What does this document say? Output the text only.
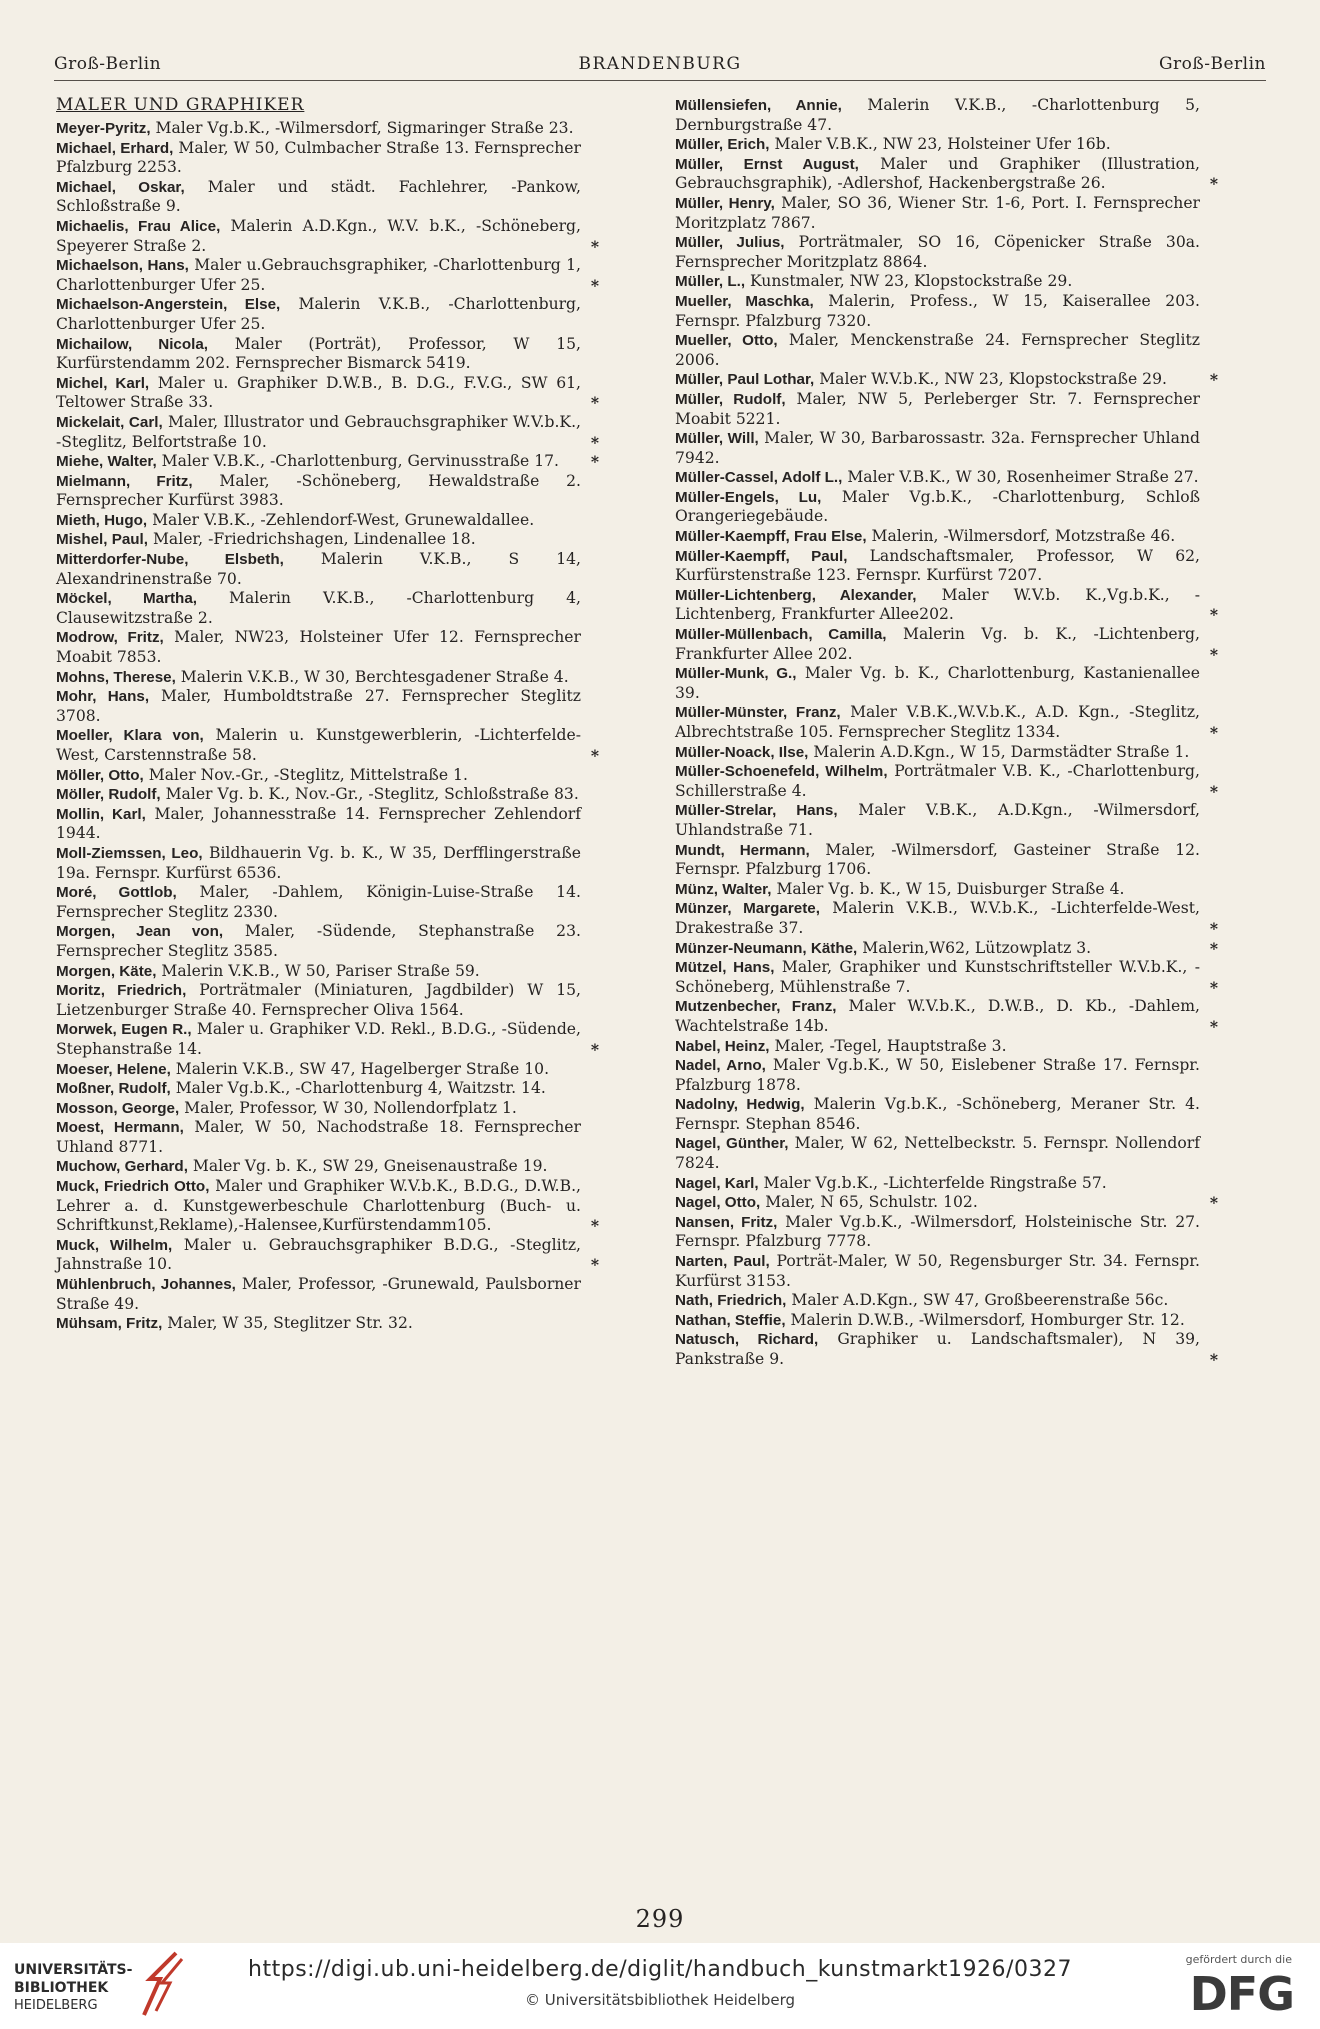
Groß-Berlin	BRANDENBURG	Groß-Berlin
MALER UND GRAPHIKER

Meyer-Pyritz, Maler Vg.b.K., -Wilmersdorf, Sigmaringer Straße 23.

Michael, Erhard, Maler, W 50, Culmbacher Straße 13. Fernsprecher Pfalzburg 2253.

Michael, Oskar, Maler und städt. Fachlehrer, -Pankow, Schloßstraße 9.

Michaelis, Frau Alice, Malerin A.D.Kgn., W.V. b.K., -Schöneberg, Speyerer Straße 2.	*

Michaelson, Hans, Maler u.Gebrauchsgraphiker, -Charlottenburg 1, Charlottenburger Ufer 25.	*

Michaelson-Angerstein, Else, Malerin V.K.B., -Charlottenburg, Charlottenburger Ufer 25.

Michailow, Nicola, Maler (Porträt), Professor, W 15, Kurfürstendamm 202. Fernsprecher Bismarck 5419.

Michel, Karl, Maler u. Graphiker D.W.B., B. D.G., F.V.G., SW 61, Teltower Straße 33.	*

Mickelait, Carl, Maler, Illustrator und Gebrauchsgraphiker W.V.b.K., -Steglitz, Belfortstraße 10.	*

Miehe, Walter, Maler V.B.K., -Charlottenburg, Gervinusstraße 17. *

Mielmann, Fritz, Maler, -Schöneberg, Hewaldstraße 2. Fernsprecher Kurfürst 3983.

Mieth, Hugo, Maler V.B.K., -Zehlendorf-West, Grunewaldallee.

Mishel, Paul, Maler, -Friedrichshagen, Lindenallee 18.

Mitterdorfer-Nube, Elsbeth, Malerin V.K.B., S 14, Alexandrinenstraße 70.

Möckel, Martha, Malerin V.K.B., -Charlottenburg 4, Clausewitzstraße 2.

Modrow, Fritz, Maler, NW23, Holsteiner Ufer 12. Fernsprecher Moabit 7853.

Mohns, Therese, Malerin V.K.B., W 30, Berchtesgadener Straße 4.

Mohr, Hans, Maler, Humboldtstraße 27. Fernsprecher Steglitz 3708.

Moeller, Klara von, Malerin u. Kunstgewerblerin, -Lichterfelde-West, Carstennstraße 58.	*

Möller, Otto, Maler Nov.-Gr., -Steglitz, Mittelstraße 1.

Möller, Rudolf, Maler Vg. b. K., Nov.-Gr., -Steglitz, Schloßstraße 83.

Mollin, Karl, Maler, Johannesstraße 14. Fernsprecher Zehlendorf 1944.

Moll-Ziemssen, Leo, Bildhauerin Vg. b. K., W 35, Derfflingerstraße 19a. Fernspr. Kurfürst 6536.

Moré, Gottlob, Maler, -Dahlem, Königin-Luise-Straße 14. Fernsprecher Steglitz 2330.

Morgen, Jean von, Maler, -Südende, Stephanstraße 23. Fernsprecher Steglitz 3585.

Morgen, Käte, Malerin V.K.B., W 50, Pariser Straße 59.

Moritz, Friedrich, Porträtmaler (Miniaturen, Jagdbilder) W 15, Lietzenburger Straße 40. Fernsprecher Oliva 1564.

Morwek, Eugen R., Maler u. Graphiker V.D. Rekl., B.D.G., -Südende, Stephanstraße 14.	*

Moeser, Helene, Malerin V.K.B., SW 47, Hagelberger Straße 10.

Moßner, Rudolf, Maler Vg.b.K., -Charlottenburg 4, Waitzstr. 14.

Mosson, George, Maler, Professor, W 30, Nollendorfplatz 1.

Moest, Hermann, Maler, W 50, Nachodstraße 18. Fernsprecher Uhland 8771.

Muchow, Gerhard, Maler Vg. b. K., SW 29, Gneisenaustraße 19.

Muck, Friedrich Otto, Maler und Graphiker W.V.b.K., B.D.G., D.W.B., Lehrer a. d. Kunstgewerbeschule Charlottenburg (Buch- u. Schriftkunst,Reklame),-Halensee,Kurfürstendamm105.	*

Muck, Wilhelm, Maler u. Gebrauchsgraphiker B.D.G., -Steglitz, Jahnstraße 10.	*

Mühlenbruch, Johannes, Maler, Professor, -Grunewald, Paulsborner Straße 49.

Mühsam, Fritz, Maler, W 35, Steglitzer Str. 32.

Müllensiefen, Annie, Malerin V.K.B., -Charlottenburg 5, Dernburgstraße 47.

Müller, Erich, Maler V.B.K., NW 23, Holsteiner Ufer 16b.

Müller, Ernst August, Maler und Graphiker (Illustration, Gebrauchsgraphik), -Adlershof, Hackenbergstraße 26.	*

Müller, Henry, Maler, SO 36, Wiener Str. 1-6, Port. I. Fernsprecher Moritzplatz 7867.

Müller, Julius, Porträtmaler, SO 16, Cöpenicker Straße 30a. Fernsprecher Moritzplatz 8864.

Müller, L., Kunstmaler, NW 23, Klopstockstraße 29.

Mueller, Maschka, Malerin, Profess., W 15, Kaiserallee 203. Fernspr. Pfalzburg 7320.

Mueller, Otto, Maler, Menckenstraße 24. Fernsprecher Steglitz 2006.

Müller, Paul Lothar, Maler W.V.b.K., NW 23, Klopstockstraße 29.	*

Müller, Rudolf, Maler, NW 5, Perleberger Str. 7. Fernsprecher Moabit 5221.

Müller, Will, Maler, W 30, Barbarossastr. 32a. Fernsprecher Uhland 7942.

Müller-Cassel, Adolf L., Maler V.B.K., W 30, Rosenheimer Straße 27.

Müller-Engels, Lu, Maler Vg.b.K., -Charlottenburg, Schloß Orangeriegebäude.

Müller-Kaempff, Frau Else, Malerin, -Wilmersdorf, Motzstraße 46.

Müller-Kaempff, Paul, Landschaftsmaler, Professor, W 62, Kurfürstenstraße 123. Fernspr. Kurfürst 7207.

Müller-Lichtenberg, Alexander, Maler W.V.b. K.,Vg.b.K., -Lichtenberg, Frankfurter Allee202.	*

Müller-Müllenbach, Camilla, Malerin Vg. b. K., -Lichtenberg, Frankfurter Allee 202.	*

Müller-Munk, G., Maler Vg. b. K., Charlottenburg, Kastanienallee 39.

Müller-Münster, Franz, Maler V.B.K.,W.V.b.K., A.D. Kgn., -Steglitz, Albrechtstraße 105. Fernsprecher Steglitz 1334.	*

Müller-Noack, Ilse, Malerin A.D.Kgn., W 15, Darmstädter Straße 1.

Müller-Schoenefeld, Wilhelm, Porträtmaler V.B. K., -Charlottenburg, Schillerstraße 4.	*

Müller-Strelar, Hans, Maler V.B.K., A.D.Kgn., -Wilmersdorf, Uhlandstraße 71.

Mundt, Hermann, Maler, -Wilmersdorf, Gasteiner Straße 12. Fernspr. Pfalzburg 1706.

Münz, Walter, Maler Vg. b. K., W 15, Duisburger Straße 4.

Münzer, Margarete, Malerin V.K.B., W.V.b.K., -Lichterfelde-West, Drakestraße 37.	*

Münzer-Neumann, Käthe, Malerin,W62, Lützowplatz 3.	*

Mützel, Hans, Maler, Graphiker und Kunstschriftsteller W.V.b.K., -Schöneberg, Mühlenstraße 7.	*

Mutzenbecher, Franz, Maler W.V.b.K., D.W.B., D. Kb., -Dahlem, Wachtelstraße 14b.	*

Nabel, Heinz, Maler, -Tegel, Hauptstraße 3.

Nadel, Arno, Maler Vg.b.K., W 50, Eislebener Straße 17. Fernspr. Pfalzburg 1878.

Nadolny, Hedwig, Malerin Vg.b.K., -Schöneberg, Meraner Str. 4. Fernspr. Stephan 8546.

Nagel, Günther, Maler, W 62, Nettelbeckstr. 5. Fernspr. Nollendorf 7824.

Nagel, Karl, Maler Vg.b.K., -Lichterfelde Ringstraße 57.

Nagel, Otto, Maler, N 65, Schulstr. 102.	*

Nansen, Fritz, Maler Vg.b.K., -Wilmersdorf, Holsteinische Str. 27. Fernspr. Pfalzburg 7778.

Narten, Paul, Porträt-Maler, W 50, Regensburger Str. 34. Fernspr. Kurfürst 3153.

Nath, Friedrich, Maler A.D.Kgn., SW 47, Großbeerenstraße 56c.

Nathan, Steffie, Malerin D.W.B., -Wilmersdorf, Homburger Str. 12.

Natusch, Richard, Graphiker u. Landschaftsmaler), N 39, Pankstraße 9.	*

299
UNIVERSITÄTS-
BIBLIOTHEK
HEIDELBERG
https://digi.ub.uni-heidelberg.de/diglit/handbuch_kunstmarkt1926/0327
© Universitätsbibliothek Heidelberg
gefördert durch die
DFG
